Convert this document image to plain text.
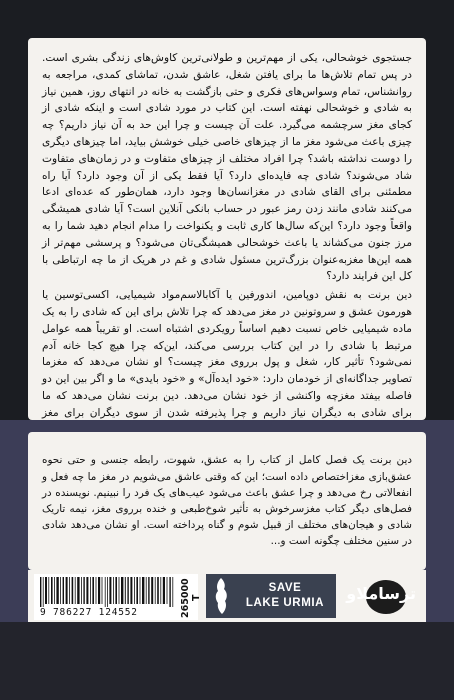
جستجوی خوشحالی، یکی از مهم‌ترین و طولانی‌ترین کاوش‌های زندگی بشری است. در پس تمام تلاش‌ها ما برای یافتن شغل، عاشق شدن، تماشای کمدی، مراجعه به روانشناس، تمام وسواس‌های فکری و حتی بازگشت به خانه در انتهای روز، همین نیاز به شادی و خوشحالی نهفته است. این کتاب در مورد شادی است و اینکه شادی از کجای مغز سرچشمه می‌گیرد. علت آن چیست و چرا این حد به آن نیاز داریم؟ چه چیزی باعث می‌شود مغز ما از چیزهای خاصی خیلی خوشش بیاید، اما چیزهای دیگری را دوست نداشته باشد؟ چرا افراد مختلف از چیزهای متفاوت و در زمان‌های متفاوت شاد می‌شوند؟ شادی چه فایده‌ای دارد؟ آیا فقط یکی از آن وجود دارد؟ آیا راه مطمئنی برای القای شادی در مغزانسان‌ها وجود دارد، همان‌طور که عده‌ای ادعا می‌کنند شادی مانند زدن رمز عبور در حساب بانکی آنلاین است؟ آیا شادی همیشگی واقعاً وجود دارد؟ این‌که سال‌ها کاری ثابت و یکنواخت را مدام انجام دهید شما را به مرز جنون می‌کشاند یا باعث خوشحالی همیشگی‌تان می‌شود؟ و پرسشی مهم‌تر از همه این‌ها مغزبه‌عنوان بزرگ‌ترین مسئول شادی و غم در هریک از ما چه ارتباطی با کل این فرایند دارد؟

دین برنت به نقش دوپامین، اندورفین یا آکابالاسم‌مواد شیمیایی، اکسی‌توسین یا هورمون عشق و سروتونین در مغز می‌دهد که چرا تلاش برای این که شادی را به یک ماده شیمیایی خاص نسبت دهیم اساساً رویکردی اشتباه است. او تقریباً همه عوامل مرتبط با شادی را در این کتاب بررسی می‌کند، این‌که چرا هیچ کجا خانه آدم نمی‌شود؟ تأثیر کار، شغل و پول برروی مغز چیست؟ او نشان می‌دهد که مغزما تصاویر جداگانه‌ای از خودمان دارد: «خود ایده‌آل» و «خود بایدی» ما و اگر بین این دو فاصله بیفتد مغزچه واکنشی از خود نشان می‌دهد. دین برنت نشان می‌دهد که ما برای شادی به دیگران نیاز داریم و چرا پذیرفته شدن از سوی دیگران برای مغز

دین برنت یک فصل کامل از کتاب را به عشق، شهوت، رابطه جنسی و حتی نحوه عشق‌بازی مغزاختصاص داده است؛ این که وقتی عاشق می‌شویم در مغز ما چه فعل و انفعالاتی رخ می‌دهد و چرا عشق باعث می‌شود عیب‌های یک فرد را نبینیم. نویسنده در فصل‌های دیگر کتاب مغزسرخوش به تأثیر شوخ‌طبعی و خنده برروی مغز، نیمه تاریک شادی و هیجان‌های مختلف از قبیل شوم و گناه پرداخته است. او نشان می‌دهد شادی در سنین مختلف چگونه است و...

9 786227 124552	265000 T
SAVE
LAKE URMIA	ترسا‌ملاو
